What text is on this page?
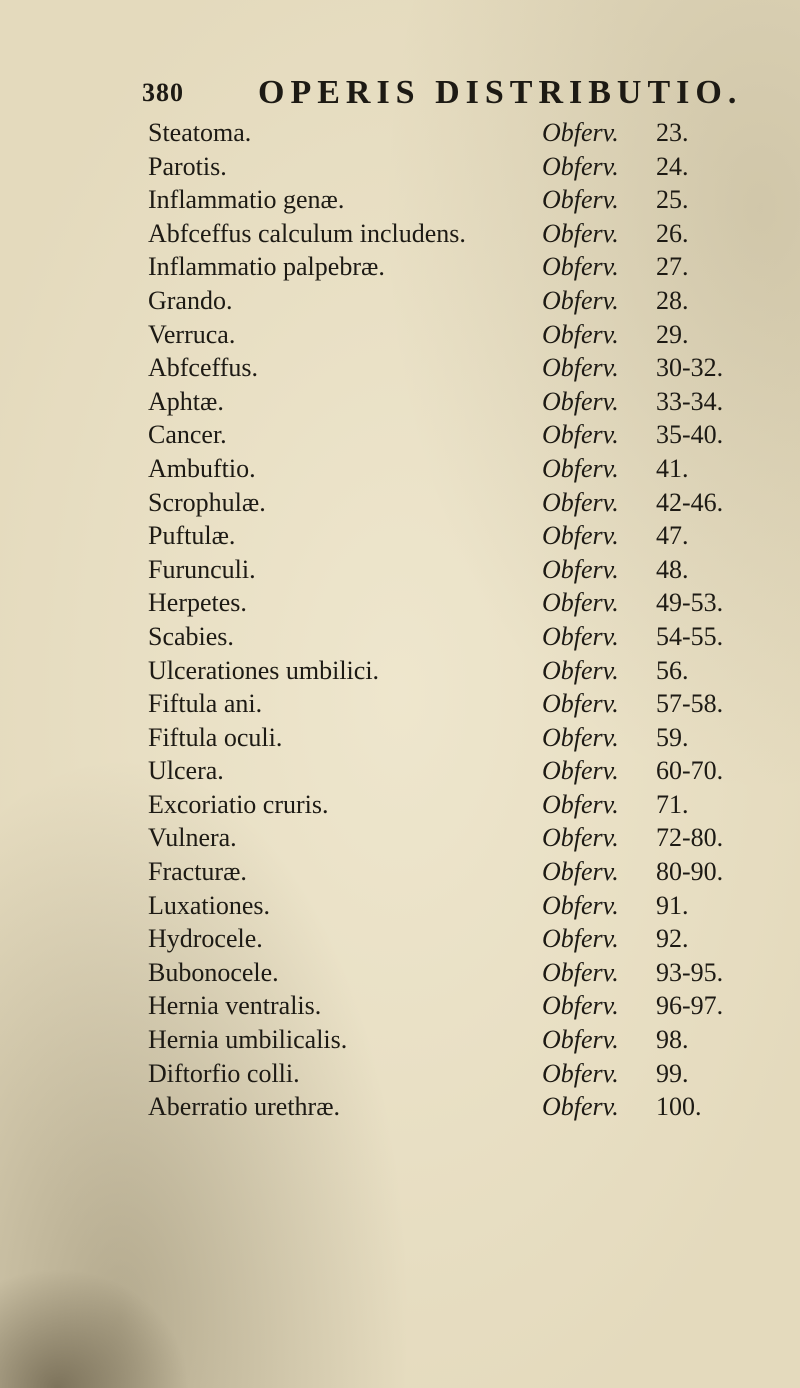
380 OPERIS DISTRIBUTIO.
Steatoma.	Obferv. 23.
Parotis.	Obferv. 24.
Inflammatio genæ.	Obferv. 25.
Abfceffus calculum includens.	Obferv. 26.
Inflammatio palpebræ.	Obferv. 27.
Grando.	Obferv. 28.
Verruca.	Obferv. 29.
Abfceffus.	Obferv. 30-32.
Aphtæ.	Obferv. 33-34.
Cancer.	Obferv. 35-40.
Ambuftio.	Obferv. 41.
Scrophulæ.	Obferv. 42-46.
Puftulæ.	Obferv. 47.
Furunculi.	Obferv. 48.
Herpetes.	Obferv. 49-53.
Scabies.	Obferv. 54-55.
Ulcerationes umbilici.	Obferv. 56.
Fiftula ani.	Obferv. 57-58.
Fiftula oculi.	Obferv. 59.
Ulcera.	Obferv. 60-70.
Excoriatio cruris.	Obferv. 71.
Vulnera.	Obferv. 72-80.
Fracturæ.	Obferv. 80-90.
Luxationes.	Obferv. 91.
Hydrocele.	Obferv. 92.
Bubonocele.	Obferv. 93-95.
Hernia ventralis.	Obferv. 96-97.
Hernia umbilicalis.	Obferv. 98.
Diftorfio colli.	Obferv. 99.
Aberratio urethræ.	Obferv. 100.
